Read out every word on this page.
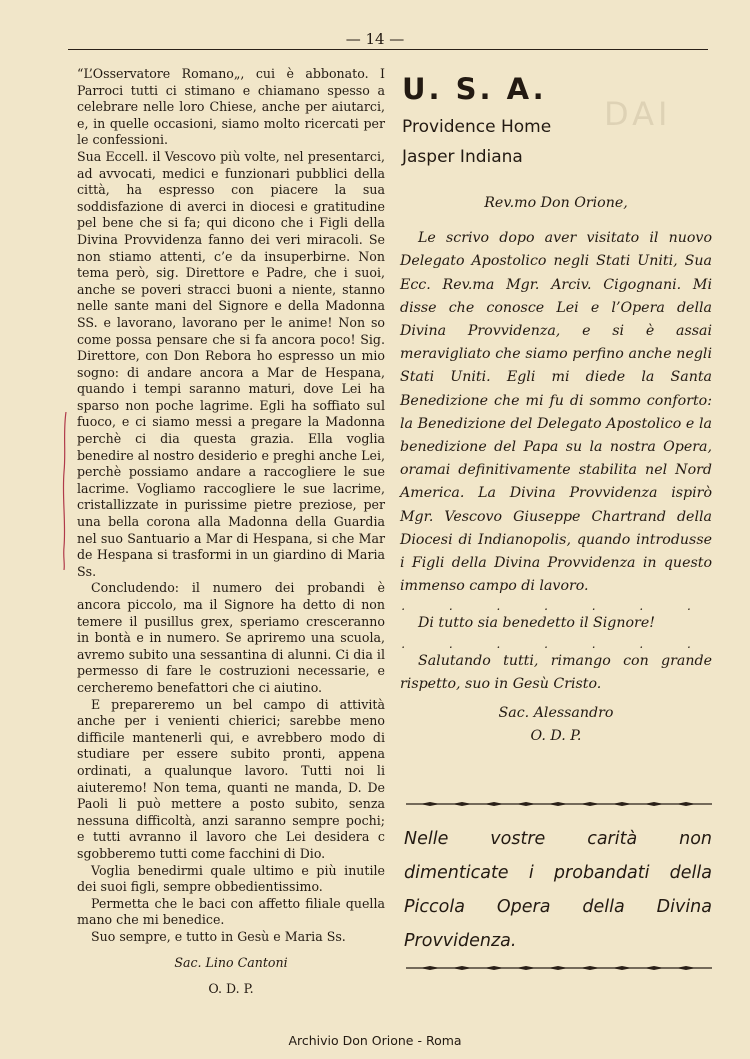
— 14 —
DAI

“L’Osservatore Romano„, cui è abbonato. I Parroci tutti ci stimano e chiamano spesso a celebrare nelle loro Chiese, anche per aiutarci, e, in quelle occasioni, siamo molto ricercati per le confessioni.

Sua Eccell. il Vescovo più volte, nel presentarci, ad avvocati, medici e funzionari pubblici della città, ha espresso con piacere la sua soddisfazione di averci in diocesi e gratitudine pel bene che si fa; qui dicono che i Figli della Divina Provvidenza fanno dei veri miracoli. Se non stiamo attenti, c’e da insuperbirne. Non tema però, sig. Direttore e Padre, che i suoi, anche se poveri stracci buoni a niente, stanno nelle sante mani del Signore e della Madonna SS. e lavorano, lavorano per le anime! Non so come possa pensare che si fa ancora poco! Sig. Direttore, con Don Rebora ho espresso un mio sogno: di andare ancora a Mar de Hespana, quando i tempi saranno maturi, dove Lei ha sparso non poche lagrime. Egli ha soffiato sul fuoco, e ci siamo messi a pregare la Madonna perchè ci dia questa grazia. Ella voglia benedire al nostro desiderio e preghi anche Lei, perchè possiamo andare a raccogliere le sue lacrime. Vogliamo raccogliere le sue lacrime, cristallizzate in purissime pietre preziose, per una bella corona alla Madonna della Guardia nel suo Santuario a Mar di Hespana, si che Mar de Hespana si trasformi in un giardino di Maria Ss.

Concludendo: il numero dei probandi è ancora piccolo, ma il Signore ha detto di non temere il pusillus grex, speriamo cresceranno in bontà e in numero. Se apriremo una scuola, avremo subito una sessantina di alunni. Ci dia il permesso di fare le costruzioni necessarie, e cercheremo benefattori che ci aiutino.

E prepareremo un bel campo di attività anche per i venienti chierici; sarebbe meno difficile mantenerli qui, e avrebbero modo di studiare per essere subito pronti, appena ordinati, a qualunque lavoro. Tutti noi li aiuteremo! Non tema, quanti ne manda, D. De Paoli li può mettere a posto subito, senza nessuna difficoltà, anzi saranno sempre pochi; e tutti avranno il lavoro che Lei desidera c sgobberemo tutti come facchini di Dio.

Voglia benedirmi quale ultimo e più inutile dei suoi figli, sempre obbedientissimo.

Permetta che le baci con affetto filiale quella mano che mi benedice.

Suo sempre, e tutto in Gesù e Maria Ss.

Sac. Lino Cantoni

O. D. P.

U. S. A.
Providence Home
Jasper Indiana
Rev.mo Don Orione,
Le scrivo dopo aver visitato il nuovo Delegato Apostolico negli Stati Uniti, Sua Ecc. Rev.ma Mgr. Arciv. Cigognani. Mi disse che conosce Lei e l’Opera della Divina Provvidenza, e si è assai meravigliato che siamo perfino anche negli Stati Uniti. Egli mi diede la Santa Benedizione che mi fu di sommo conforto: la Benedizione del Delegato Apostolico e la benedizione del Papa su la nostra Opera, oramai definitivamente stabilita nel Nord America. La Divina Provvidenza ispirò Mgr. Vescovo Giuseppe Chartrand della Diocesi di Indianopolis, quando introdusse i Figli della Divina Provvidenza in questo immenso campo di lavoro.
. . . . . . .
Di tutto sia benedetto il Signore!
. . . . . . .
Salutando tutti, rimango con grande rispetto, suo in Gesù Cristo.
Sac. Alessandro
O. D. P.
Nelle vostre carità non dimenticate i probandati della Piccola Opera della Divina Provvidenza.
Archivio Don Orione - Roma
